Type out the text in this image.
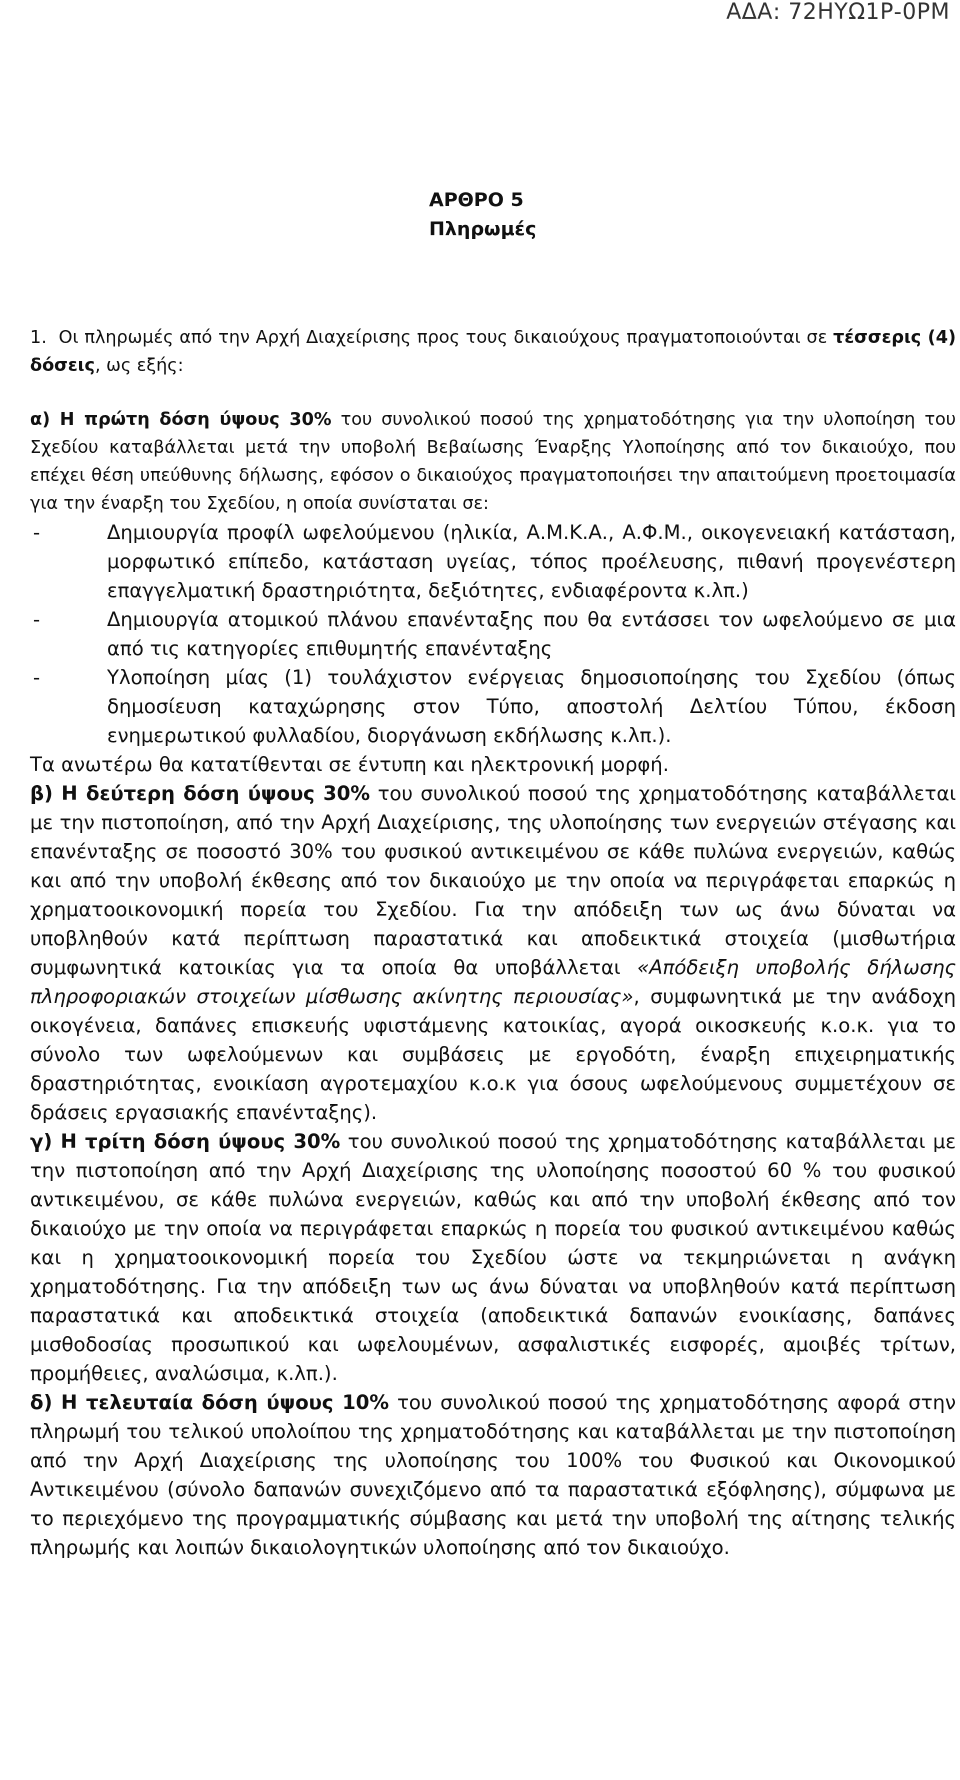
ΑΔΑ: 72ΗΥΩ1Ρ-0ΡΜ
ΑΡΘΡΟ 5 Πληρωμές

1. Οι πληρωμές από την Αρχή Διαχείρισης προς τους δικαιούχους πραγματοποιούνται σε τέσσερις (4) δόσεις, ως εξής:

α) Η πρώτη δόση ύψους 30% του συνολικού ποσού της χρηματοδότησης για την υλοποίηση του Σχεδίου καταβάλλεται μετά την υποβολή Βεβαίωσης Έναρξης Υλοποίησης από τον δικαιούχο, που επέχει θέση υπεύθυνης δήλωσης, εφόσον ο δικαιούχος πραγματοποιήσει την απαιτούμενη προετοιμασία για την έναρξη του Σχεδίου, η οποία συνίσταται σε:

- Δημιουργία προφίλ ωφελούμενου (ηλικία, Α.Μ.Κ.Α., Α.Φ.Μ., οικογενειακή κατάσταση, μορφωτικό επίπεδο, κατάσταση υγείας, τόπος προέλευσης, πιθανή προγενέστερη επαγγελματική δραστηριότητα, δεξιότητες, ενδιαφέροντα κ.λπ.)
- Δημιουργία ατομικού πλάνου επανένταξης που θα εντάσσει τον ωφελούμενο σε μια από τις κατηγορίες επιθυμητής επανένταξης
- Υλοποίηση μίας (1) τουλάχιστον ενέργειας δημοσιοποίησης του Σχεδίου (όπως δημοσίευση καταχώρησης στον Τύπο, αποστολή Δελτίου Τύπου, έκδοση ενημερωτικού φυλλαδίου, διοργάνωση εκδήλωσης κ.λπ.).

Τα ανωτέρω θα κατατίθενται σε έντυπη και ηλεκτρονική μορφή.

β) Η δεύτερη δόση ύψους 30% του συνολικού ποσού της χρηματοδότησης καταβάλλεται με την πιστοποίηση, από την Αρχή Διαχείρισης, της υλοποίησης των ενεργειών στέγασης και επανένταξης σε ποσοστό 30% του φυσικού αντικειμένου σε κάθε πυλώνα ενεργειών, καθώς και από την υποβολή έκθεσης από τον δικαιούχο με την οποία να περιγράφεται επαρκώς η χρηματοοικονομική πορεία του Σχεδίου. Για την απόδειξη των ως άνω δύναται να υποβληθούν κατά περίπτωση παραστατικά και αποδεικτικά στοιχεία (μισθωτήρια συμφωνητικά κατοικίας για τα οποία θα υποβάλλεται «Απόδειξη υποβολής δήλωσης πληροφοριακών στοιχείων μίσθωσης ακίνητης περιουσίας», συμφωνητικά με την ανάδοχη οικογένεια, δαπάνες επισκευής υφιστάμενης κατοικίας, αγορά οικοσκευής κ.ο.κ. για το σύνολο των ωφελούμενων και συμβάσεις με εργοδότη, έναρξη επιχειρηματικής δραστηριότητας, ενοικίαση αγροτεμαχίου κ.ο.κ για όσους ωφελούμενους συμμετέχουν σε δράσεις εργασιακής επανένταξης).

γ) Η τρίτη δόση ύψους 30% του συνολικού ποσού της χρηματοδότησης καταβάλλεται με την πιστοποίηση από την Αρχή Διαχείρισης της υλοποίησης ποσοστού 60 % του φυσικού αντικειμένου, σε κάθε πυλώνα ενεργειών, καθώς και από την υποβολή έκθεσης από τον δικαιούχο με την οποία να περιγράφεται επαρκώς η πορεία του φυσικού αντικειμένου καθώς και η χρηματοοικονομική πορεία του Σχεδίου ώστε να τεκμηριώνεται η ανάγκη χρηματοδότησης. Για την απόδειξη των ως άνω δύναται να υποβληθούν κατά περίπτωση παραστατικά και αποδεικτικά στοιχεία (αποδεικτικά δαπανών ενοικίασης, δαπάνες μισθοδοσίας προσωπικού και ωφελουμένων, ασφαλιστικές εισφορές, αμοιβές τρίτων, προμήθειες, αναλώσιμα, κ.λπ.).

δ) Η τελευταία δόση ύψους 10% του συνολικού ποσού της χρηματοδότησης αφορά στην πληρωμή του τελικού υπολοίπου της χρηματοδότησης και καταβάλλεται με την πιστοποίηση από την Αρχή Διαχείρισης της υλοποίησης του 100% του Φυσικού και Οικονομικού Αντικειμένου (σύνολο δαπανών συνεχιζόμενο από τα παραστατικά εξόφλησης), σύμφωνα με το περιεχόμενο της προγραμματικής σύμβασης και μετά την υποβολή της αίτησης τελικής πληρωμής και λοιπών δικαιολογητικών υλοποίησης από τον δικαιούχο.
